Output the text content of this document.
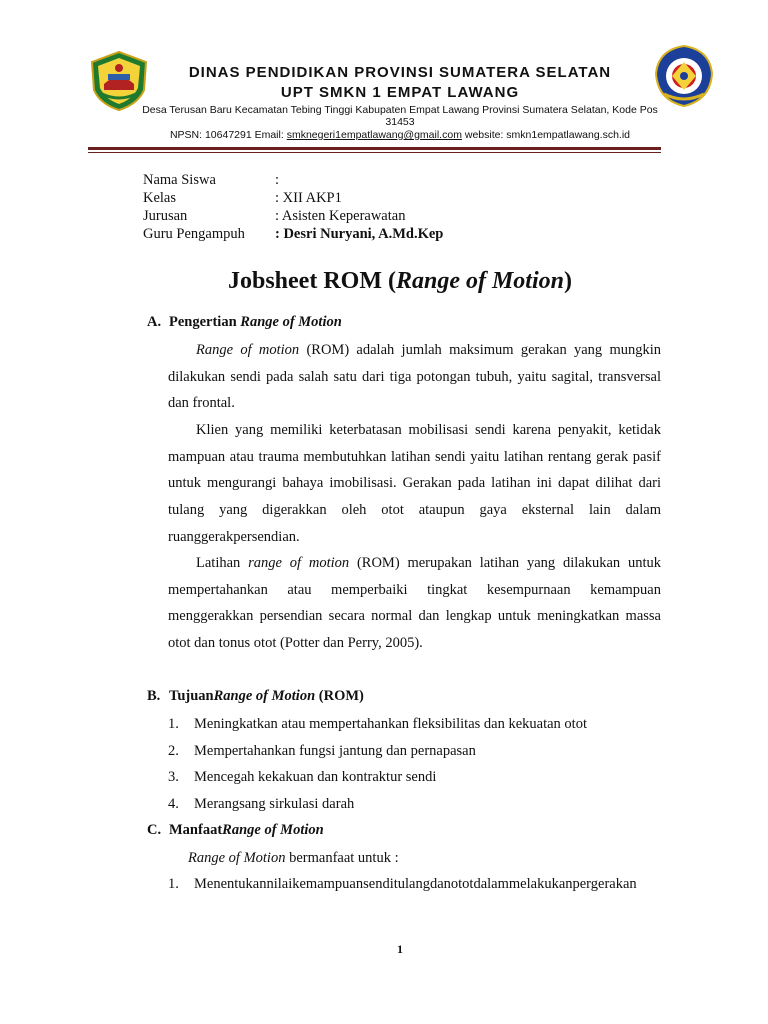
DINAS PENDIDIKAN PROVINSI SUMATERA SELATAN
UPT SMKN 1 EMPAT LAWANG
Desa Terusan Baru Kecamatan Tebing Tinggi Kabupaten Empat Lawang Provinsi Sumatera Selatan, Kode Pos 31453
NPSN: 10647291 Email: smknegeri1empatlawang@gmail.com website: smkn1empatlawang.sch.id
Nama Siswa	:
Kelas	: XII AKP1
Jurusan	: Asisten Keperawatan
Guru Pengampuh : Desri Nuryani, A.Md.Kep
Jobsheet ROM (Range of Motion)
A. Pengertian Range of Motion
Range of motion (ROM) adalah jumlah maksimum gerakan yang mungkin dilakukan sendi pada salah satu dari tiga potongan tubuh, yaitu sagital, transversal dan frontal.
Klien yang memiliki keterbatasan mobilisasi sendi karena penyakit, ketidak mampuan atau trauma membutuhkan latihan sendi yaitu latihan rentang gerak pasif untuk mengurangi bahaya imobilisasi. Gerakan pada latihan ini dapat dilihat dari tulang yang digerakkan oleh otot ataupun gaya eksternal lain dalam ruanggerakpersendian.
Latihan range of motion (ROM) merupakan latihan yang dilakukan untuk mempertahankan atau memperbaiki tingkat kesempurnaan kemampuan menggerakkan persendian secara normal dan lengkap untuk meningkatkan massa otot dan tonus otot (Potter dan Perry, 2005).
B. TujuanRange of Motion (ROM)
1. Meningkatkan atau mempertahankan fleksibilitas dan kekuatan otot
2. Mempertahankan fungsi jantung dan pernapasan
3. Mencegah kekakuan dan kontraktur sendi
4. Merangsang sirkulasi darah
C. ManfaatRange of Motion
Range of Motion bermanfaat untuk :
1. Menentukannilaikemampuansenditulangdanototdalammelakukanpergerakan
1
